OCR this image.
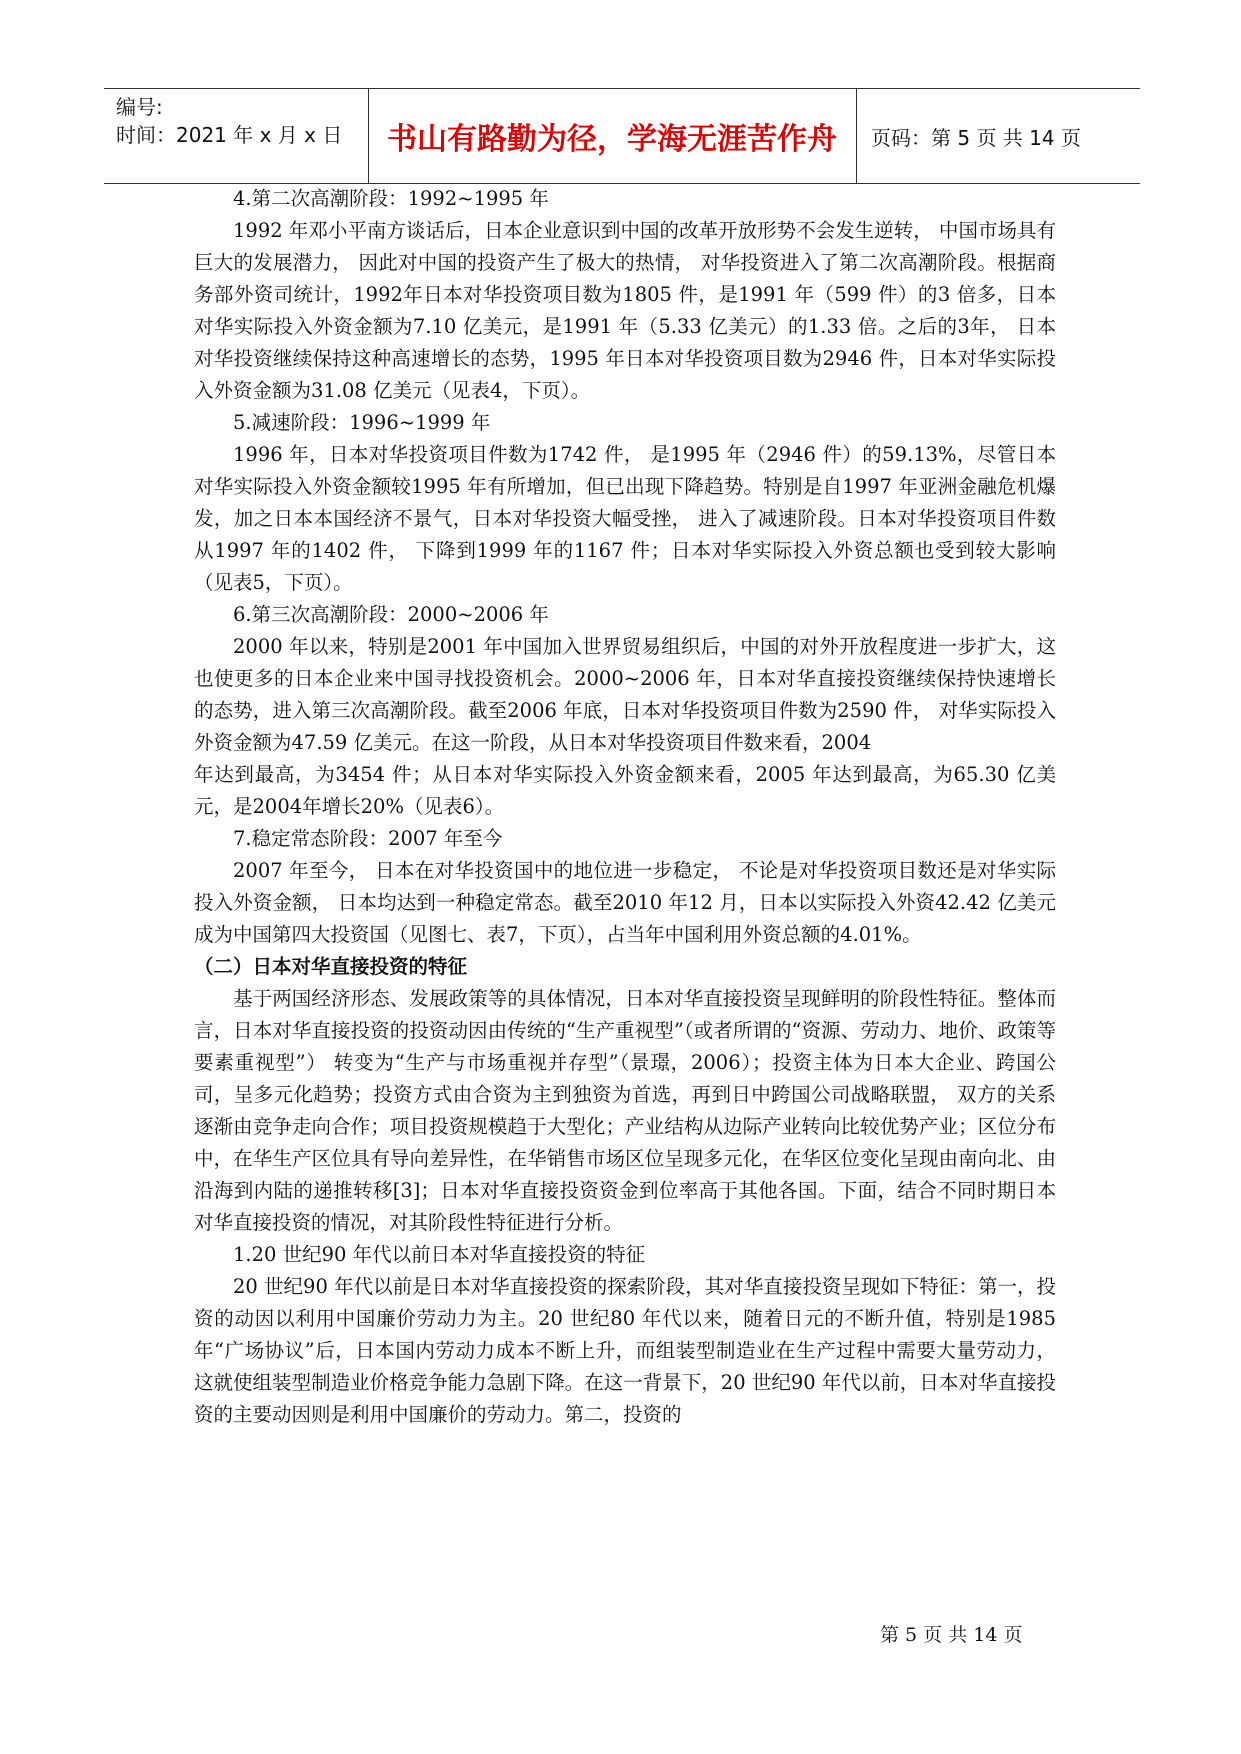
编号:
时间：2021 年 x 月 x 日	书山有路勤为径，学海无涯苦作舟	页码：第 5 页 共 14 页

4.第二次高潮阶段：1992~1995 年

1992 年邓小平南方谈话后，日本企业意识到中国的改革开放形势不会发生逆转， 中国市场具有巨大的发展潜力， 因此对中国的投资产生了极大的热情， 对华投资进入了第二次高潮阶段。根据商务部外资司统计，1992年日本对华投资项目数为1805 件，是1991 年（599 件）的3 倍多，日本对华实际投入外资金额为7.10 亿美元，是1991 年（5.33 亿美元）的1.33 倍。之后的3年， 日本对华投资继续保持这种高速增长的态势，1995 年日本对华投资项目数为2946 件，日本对华实际投入外资金额为31.08 亿美元（见表4，下页）。

5.减速阶段：1996~1999 年

1996 年，日本对华投资项目件数为1742 件， 是1995 年（2946 件）的59.13%，尽管日本对华实际投入外资金额较1995 年有所增加，但已出现下降趋势。特别是自1997 年亚洲金融危机爆发，加之日本本国经济不景气，日本对华投资大幅受挫， 进入了减速阶段。日本对华投资项目件数从1997 年的1402 件， 下降到1999 年的1167 件；日本对华实际投入外资总额也受到较大影响（见表5，下页）。

6.第三次高潮阶段：2000~2006 年

2000 年以来，特别是2001 年中国加入世界贸易组织后，中国的对外开放程度进一步扩大，这也使更多的日本企业来中国寻找投资机会。2000~2006 年，日本对华直接投资继续保持快速增长的态势，进入第三次高潮阶段。截至2006 年底，日本对华投资项目件数为2590 件， 对华实际投入外资金额为47.59 亿美元。在这一阶段，从日本对华投资项目件数来看，2004

年达到最高，为3454 件；从日本对华实际投入外资金额来看，2005 年达到最高，为65.30 亿美元，是2004年增长20%（见表6）。

7.稳定常态阶段：2007 年至今

2007 年至今， 日本在对华投资国中的地位进一步稳定， 不论是对华投资项目数还是对华实际投入外资金额， 日本均达到一种稳定常态。截至2010 年12 月，日本以实际投入外资42.42 亿美元成为中国第四大投资国（见图七、表7，下页），占当年中国利用外资总额的4.01%。

（二）日本对华直接投资的特征

基于两国经济形态、发展政策等的具体情况，日本对华直接投资呈现鲜明的阶段性特征。整体而言，日本对华直接投资的投资动因由传统的“生产重视型”（或者所谓的“资源、劳动力、地价、政策等要素重视型”） 转变为“生产与市场重视并存型”（景璟，2006）；投资主体为日本大企业、跨国公司，呈多元化趋势；投资方式由合资为主到独资为首选，再到日中跨国公司战略联盟， 双方的关系逐渐由竞争走向合作；项目投资规模趋于大型化；产业结构从边际产业转向比较优势产业；区位分布中，在华生产区位具有导向差异性，在华销售市场区位呈现多元化，在华区位变化呈现由南向北、由沿海到内陆的递推转移[3]；日本对华直接投资资金到位率高于其他各国。下面，结合不同时期日本对华直接投资的情况，对其阶段性特征进行分析。

1.20 世纪90 年代以前日本对华直接投资的特征

20 世纪90 年代以前是日本对华直接投资的探索阶段，其对华直接投资呈现如下特征：第一，投资的动因以利用中国廉价劳动力为主。20 世纪80 年代以来，随着日元的不断升值，特别是1985 年“广场协议”后，日本国内劳动力成本不断上升，而组装型制造业在生产过程中需要大量劳动力， 这就使组装型制造业价格竞争能力急剧下降。在这一背景下，20 世纪90 年代以前，日本对华直接投资的主要动因则是利用中国廉价的劳动力。第二，投资的

第 5 页 共 14 页
